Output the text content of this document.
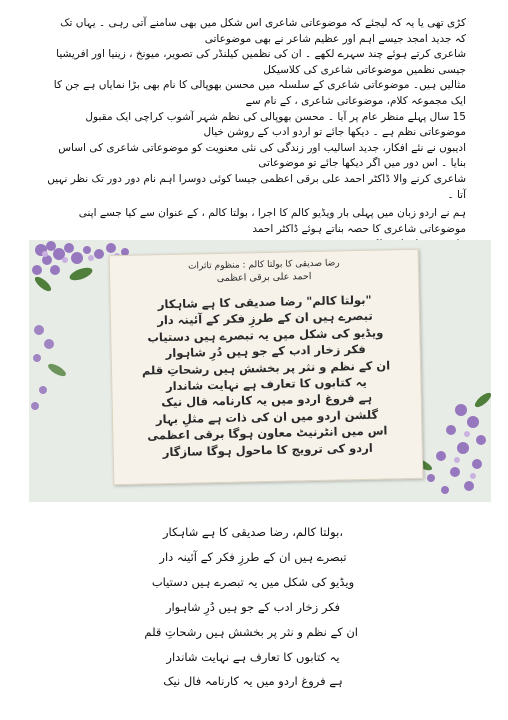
کڑی تھی یا یہ کہ لیجئے کہ موضوعاتی شاعری اس شکل میں بھی سامنے آتی رہی ۔ یہاں تک کہ جدید امجد جیسے اہم اور عظیم شاعر نے بھی موضوعاتی

شاعری کرتے ہوئے چند سہرے لکھے ۔ ان کی نظمیں کیلنڈر کی تصویر، میونخ ، زینیا اور افریشیا جیسی نظمیں موضوعاتی شاعری کی کلاسیکل

مثالیں ہیں۔ موضوعاتی شاعری کے سلسلہ میں محسن بھوپالی کا نام بھی بڑا نمایاں ہے جن کا ایک مجموعہ کلام، موضوعاتی شاعری ، کے نام سے

15 سال پہلے منظر عام پر آیا ۔ محسن بھوپالی کی نظم شہر آشوب کراچی ایک مقبول موضوعاتی نظم ہے ۔ دیکھا جائے تو اردو ادب کے روشن خیال

ادیبوں نے نئے افکار، جدید اسالیب اور زندگی کی نئی معنویت کو موضوعاتی شاعری کی اساس بنایا ۔ اس دور میں اگر دیکھا جائے تو موضوعاتی

شاعری کرنے والا ڈاکٹر احمد علی برقی اعظمی جیسا کوئی دوسرا اہم نام دور دور تک نظر نہیں آتا ۔

ہم نے اردو زبان میں پہلی بار ویڈیو کالم کا اجرا ، بولتا کالم ، کے عنوان سے کیا جسے اپنی موضوعاتی شاعری کا حصہ بناتے ہوئے ڈاکٹر احمد

رضا صدیقی کا بولتا کالم : منظوم تاثرات
احمد علی برقی اعظمی
"بولتا کالم" رضا صدیقی کا ہے شاہکار
تبصرے ہیں ان کے طرزِ فکر کے آئینہ دار
ویڈیو کی شکل میں یہ تبصرے ہیں دستیاب
فکر زخار ادب کے جو ہیں دُرِ شاہوار
ان کے نظم و نثر پر بخشش ہیں رشحاتِ قلم
یہ کتابوں کا تعارف ہے نہایت شاندار
ہے فروغ اردو میں یہ کارنامہ فال نیک
گلشن اردو میں ان کی ذات ہے مثلِ بہار
اس میں انٹرنیٹ معاون ہوگا برقی اعظمی
اردو کی ترویج کا ماحول ہوگا سازگار
،بولتا کالم، رضا صدیقی کا ہے شاہکار
تبصرے ہیں ان کے طرزِ فکر کے آئینہ دار
ویڈیو کی شکل میں یہ تبصرے ہیں دستیاب
فکر زخار ادب کے جو ہیں دُرِ شاہوار
ان کے نظم و نثر پر بخشش ہیں رشحاتِ قلم
یہ کتابوں کا تعارف ہے نہایت شاندار
ہے فروغ اردو میں یہ کارنامہ فال نیک
